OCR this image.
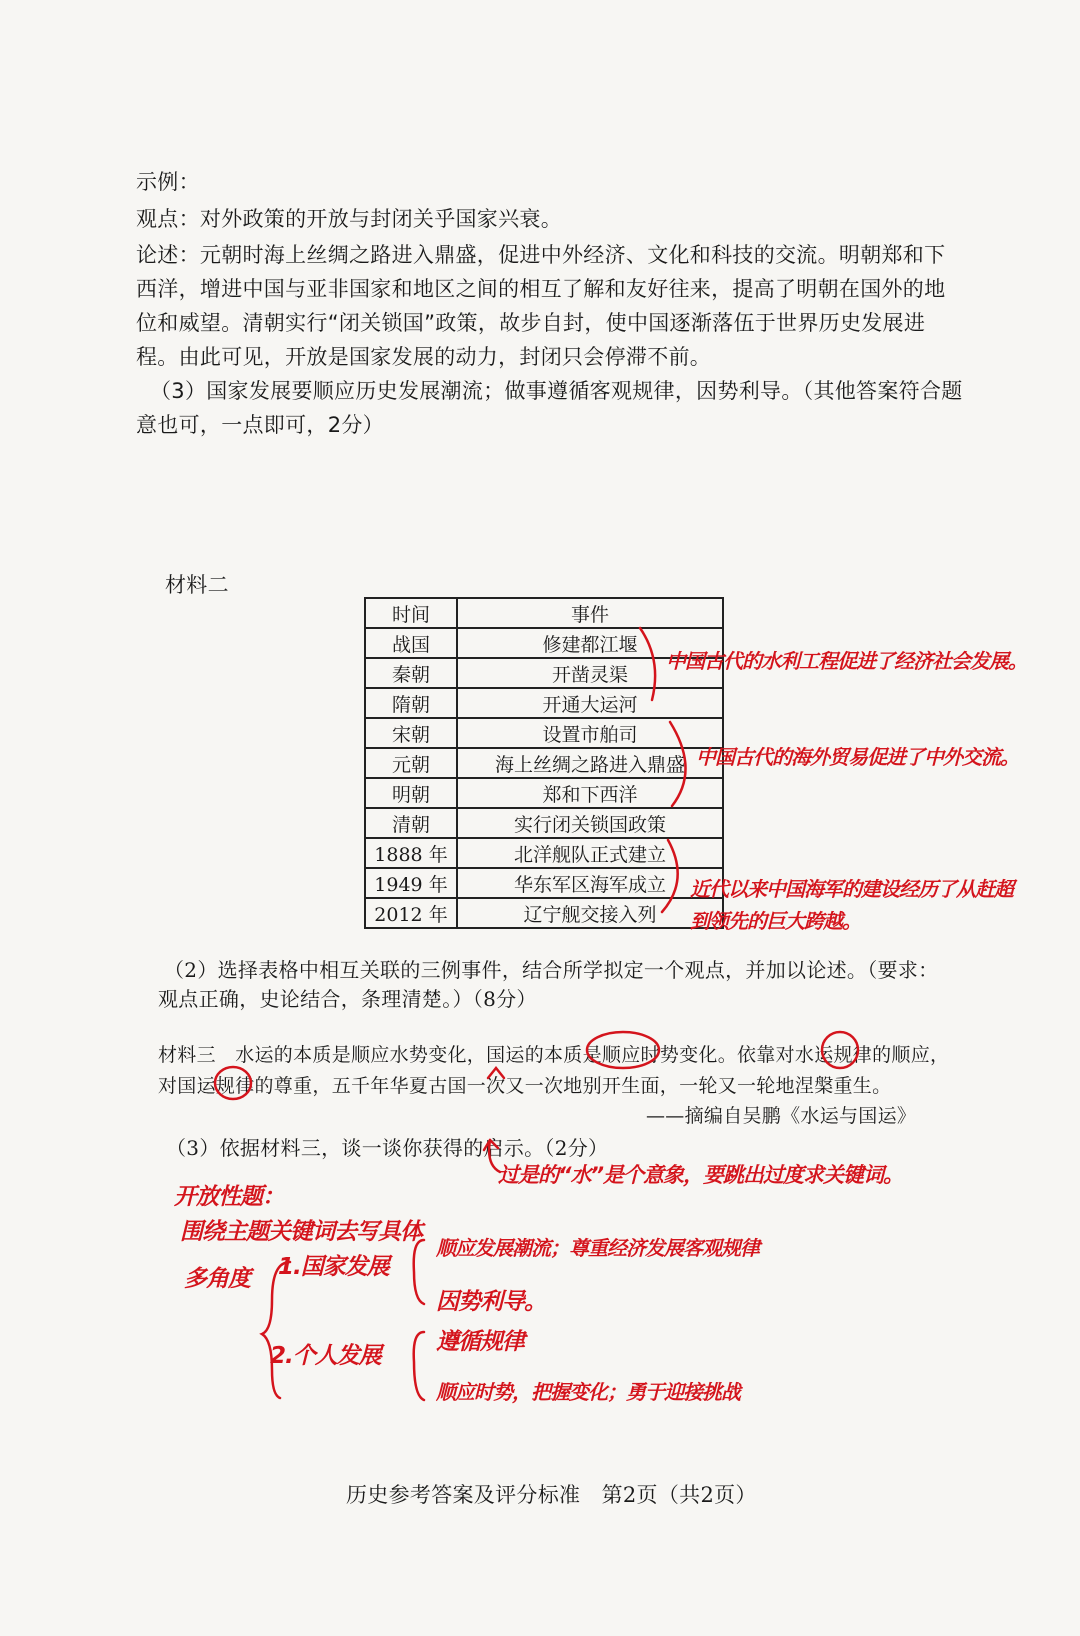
示例：
观点：对外政策的开放与封闭关乎国家兴衰。
论述：元朝时海上丝绸之路进入鼎盛，促进中外经济、文化和科技的交流。明朝郑和下
西洋，增进中国与亚非国家和地区之间的相互了解和友好往来，提高了明朝在国外的地
位和威望。清朝实行“闭关锁国”政策，故步自封，使中国逐渐落伍于世界历史发展进
程。由此可见，开放是国家发展的动力，封闭只会停滞不前。
（3）国家发展要顺应历史发展潮流；做事遵循客观规律，因势利导。（其他答案符合题
意也可，一点即可，2分）
材料二
时间	事件
战国	修建都江堰
秦朝	开凿灵渠
隋朝	开通大运河
宋朝	设置市舶司
元朝	海上丝绸之路进入鼎盛
明朝	郑和下西洋
清朝	实行闭关锁国政策
1888 年	北洋舰队正式建立
1949 年	华东军区海军成立
2012 年	辽宁舰交接入列
中国古代的水利工程促进了经济社会发展。
中国古代的海外贸易促进了中外交流。
近代以来中国海军的建设经历了从赶超
到领先的巨大跨越。
（2）选择表格中相互关联的三例事件，结合所学拟定一个观点，并加以论述。（要求：
观点正确，史论结合，条理清楚。）（8分）
材料三　水运的本质是顺应水势变化，国运的本质是顺应时势变化。依靠对水运规律的顺应，
对国运规律的尊重，五千年华夏古国一次又一次地别开生面，一轮又一轮地涅槃重生。
——摘编自吴鹏《水运与国运》
（3）依据材料三，谈一谈你获得的启示。（2分）
过是的“水”是个意象，要跳出过度求关键词。
开放性题：
围绕主题关键词去写具体
多角度 1.国家发展
顺应发展潮流；尊重经济发展客观规律
因势利导。
2.个人发展
遵循规律
顺应时势，把握变化；勇于迎接挑战
历史参考答案及评分标准　第2页（共2页）
